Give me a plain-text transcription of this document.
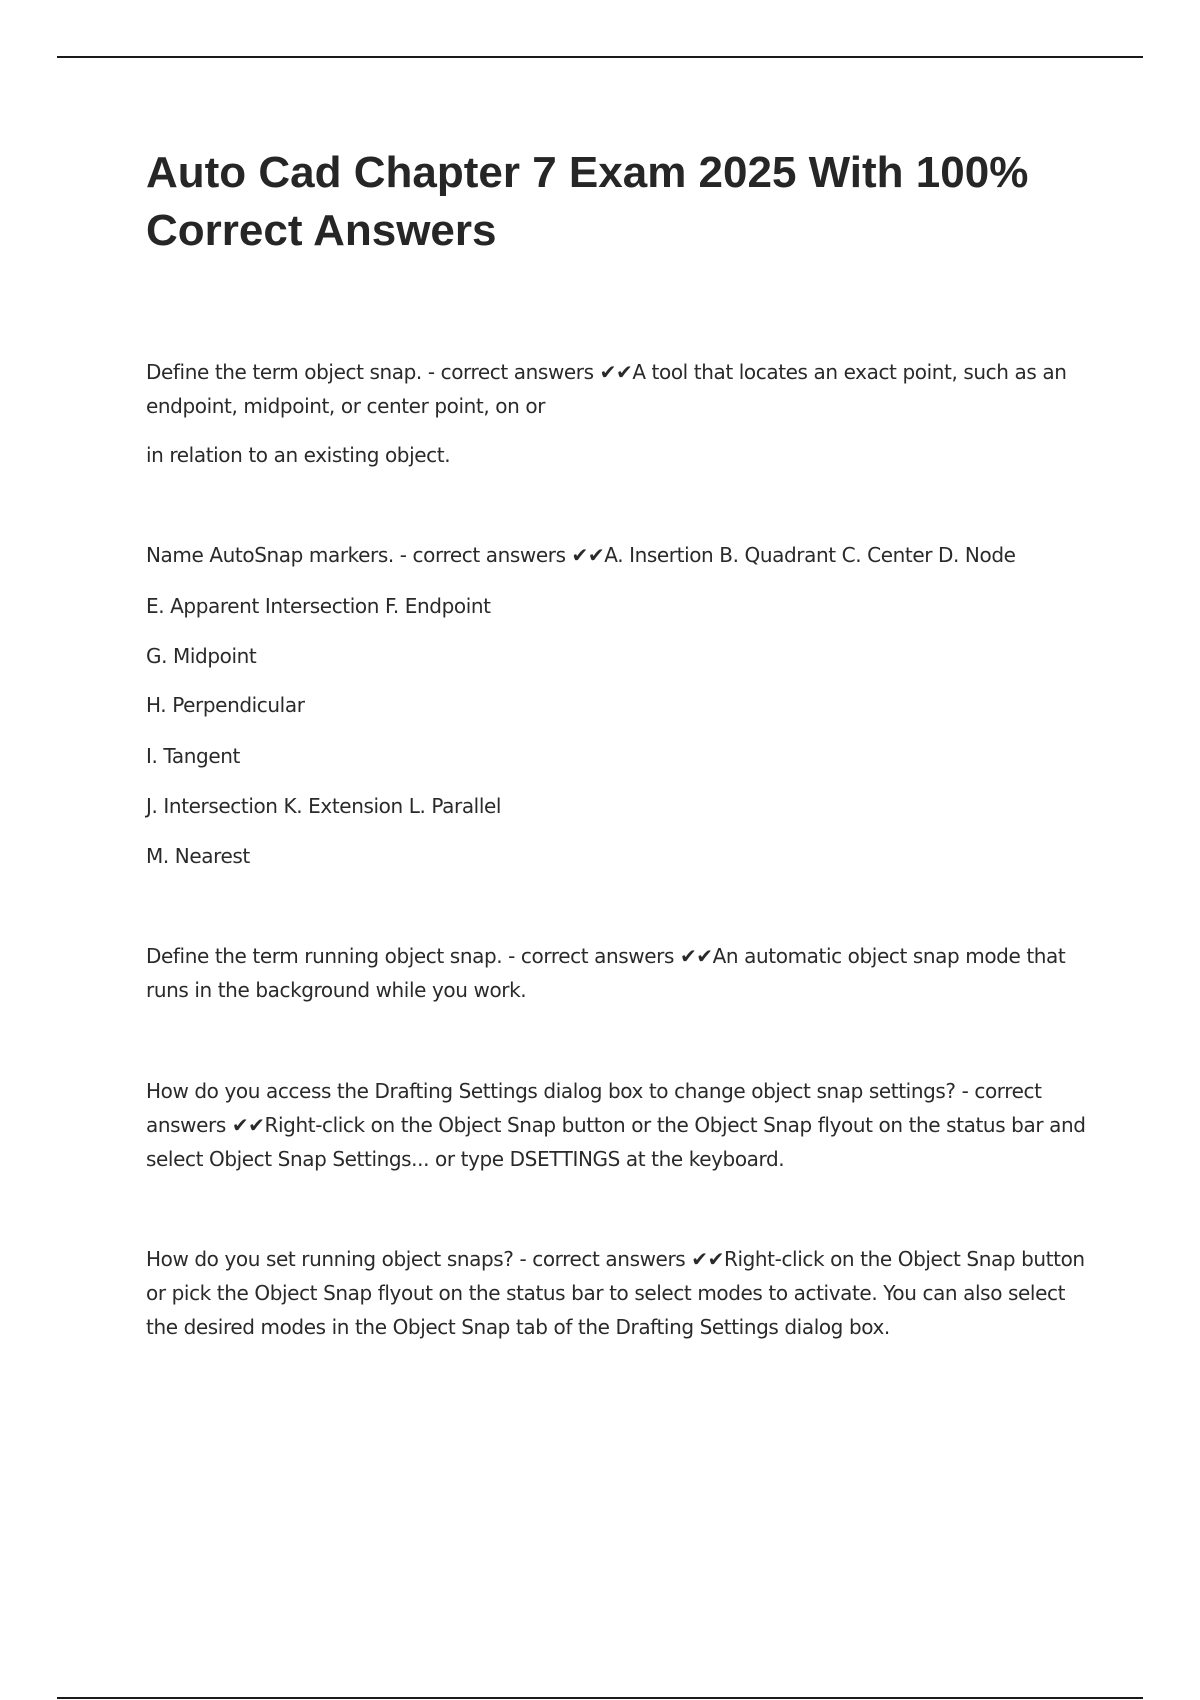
Auto Cad Chapter 7 Exam 2025 With 100% Correct Answers

Define the term object snap. - correct answers ✔✔A tool that locates an exact point, such as an endpoint, midpoint, or center point, on or

in relation to an existing object.

Name AutoSnap markers. - correct answers ✔✔A. Insertion B. Quadrant C. Center D. Node

E. Apparent Intersection F. Endpoint

G. Midpoint

H. Perpendicular

I. Tangent

J. Intersection K. Extension L. Parallel

M. Nearest

Define the term running object snap. - correct answers ✔✔An automatic object snap mode that runs in the background while you work.

How do you access the Drafting Settings dialog box to change object snap settings? - correct answers ✔✔Right-click on the Object Snap button or the Object Snap flyout on the status bar and select Object Snap Settings... or type DSETTINGS at the keyboard.

How do you set running object snaps? - correct answers ✔✔Right-click on the Object Snap button or pick the Object Snap flyout on the status bar to select modes to activate. You can also select the desired modes in the Object Snap tab of the Drafting Settings dialog box.
